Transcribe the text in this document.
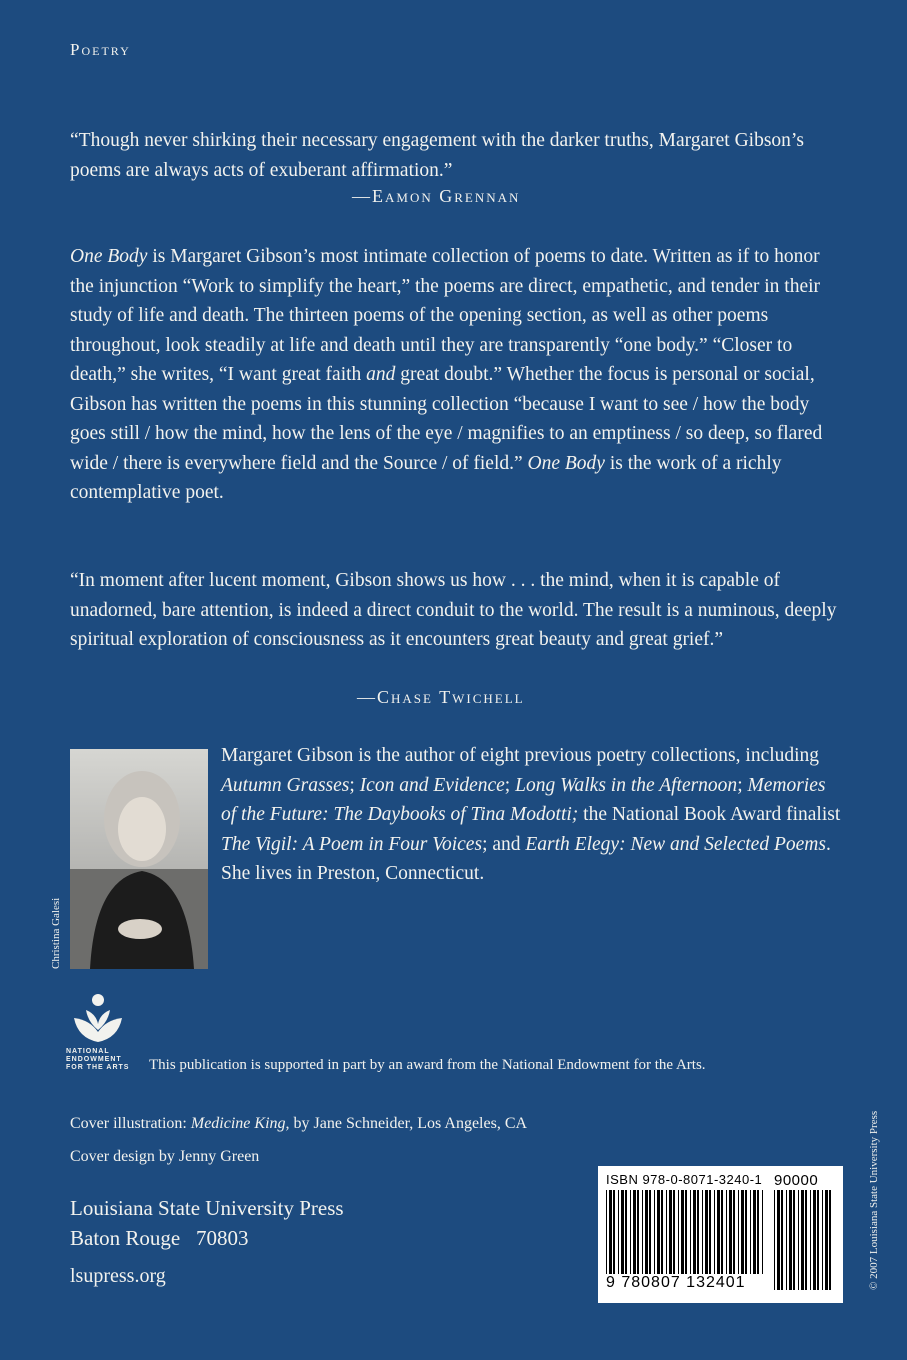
Poetry
“Though never shirking their necessary engagement with the darker truths, Margaret Gibson’s poems are always acts of exuberant affirmation.”
—Eamon Grennan
One Body is Margaret Gibson’s most intimate collection of poems to date. Written as if to honor the injunction “Work to simplify the heart,” the poems are direct, empathetic, and tender in their study of life and death. The thirteen poems of the opening section, as well as other poems throughout, look steadily at life and death until they are transparently “one body.” “Closer to death,” she writes, “I want great faith and great doubt.” Whether the focus is personal or social, Gibson has written the poems in this stunning collection “because I want to see / how the body goes still / how the mind, how the lens of the eye / magnifies to an emptiness / so deep, so flared wide / there is everywhere field and the Source / of field.” One Body is the work of a richly contemplative poet.
“In moment after lucent moment, Gibson shows us how . . . the mind, when it is capable of unadorned, bare attention, is indeed a direct conduit to the world. The result is a numinous, deeply spiritual exploration of consciousness as it encounters great beauty and great grief.”
—Chase Twichell
Christina Galesi
Margaret Gibson is the author of eight previous poetry collections, including Autumn Grasses; Icon and Evidence; Long Walks in the Afternoon; Memories of the Future: The Daybooks of Tina Modotti; the National Book Award finalist The Vigil: A Poem in Four Voices; and Earth Elegy: New and Selected Poems. She lives in Preston, Connecticut.
NATIONAL ENDOWMENT FOR THE ARTS	This publication is supported in part by an award from the National Endowment for the Arts.
Cover illustration: Medicine King, by Jane Schneider, Los Angeles, CA
Cover design by Jenny Green
Louisiana State University Press
Baton Rouge   70803
lsupress.org	© 2007 Louisiana State University Press
ISBN 978-0-8071-3240-1
9 780807 132401
90000
